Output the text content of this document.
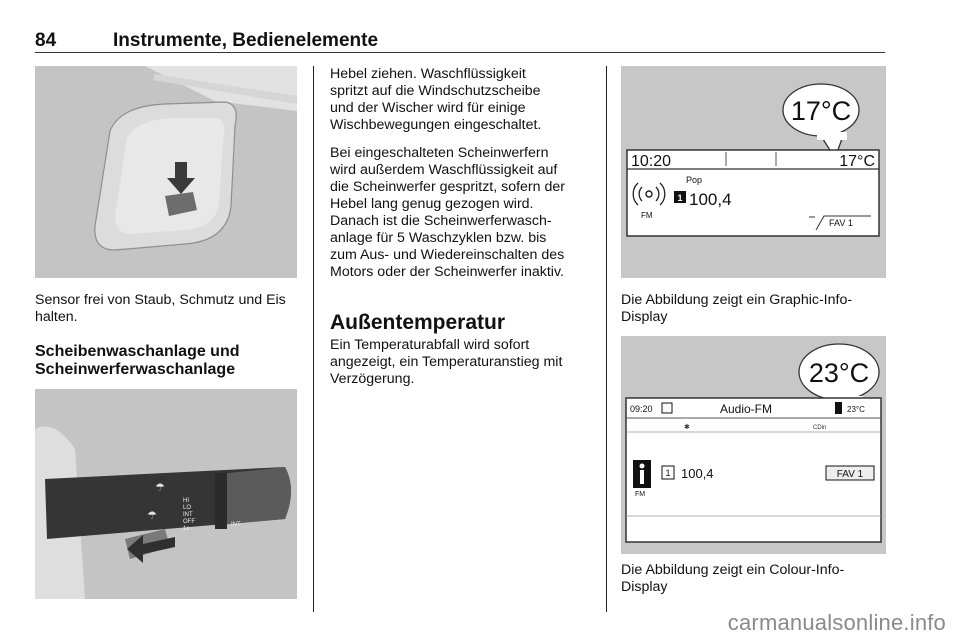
84	Instrumente, Bedienelemente
Sensor frei von Staub, Schmutz und Eis halten.
Scheibenwaschanlage und
Scheinwerferwaschanlage
☂
☂
HI
LO
INT
OFF
1x
INT
Hebel ziehen. Waschflüssigkeit
spritzt auf die Windschutzscheibe
und der Wischer wird für einige
Wischbewegungen eingeschaltet.
Bei eingeschalteten Scheinwerfern
wird außerdem Waschflüssigkeit auf
die Scheinwerfer gespritzt, sofern der
Hebel lang genug gezogen wird.
Danach ist die Scheinwerferwasch-
anlage für 5 Waschzyklen bzw. bis
zum Aus- und Wiedereinschalten des
Motors oder der Scheinwerfer inaktiv.
Außentemperatur
Ein Temperaturabfall wird sofort
angezeigt, ein Temperaturanstieg mit
Verzögerung.
17°C
10:20	17°C
FM
Pop
1 100,4
FAV 1
Die Abbildung zeigt ein Graphic-Info-
Display
23°C
09:20	Audio-FM	23°C
✱	CDin
FM
1 100,4	FAV 1
Die Abbildung zeigt ein Colour-Info-
Display
carmanualsonline.info
